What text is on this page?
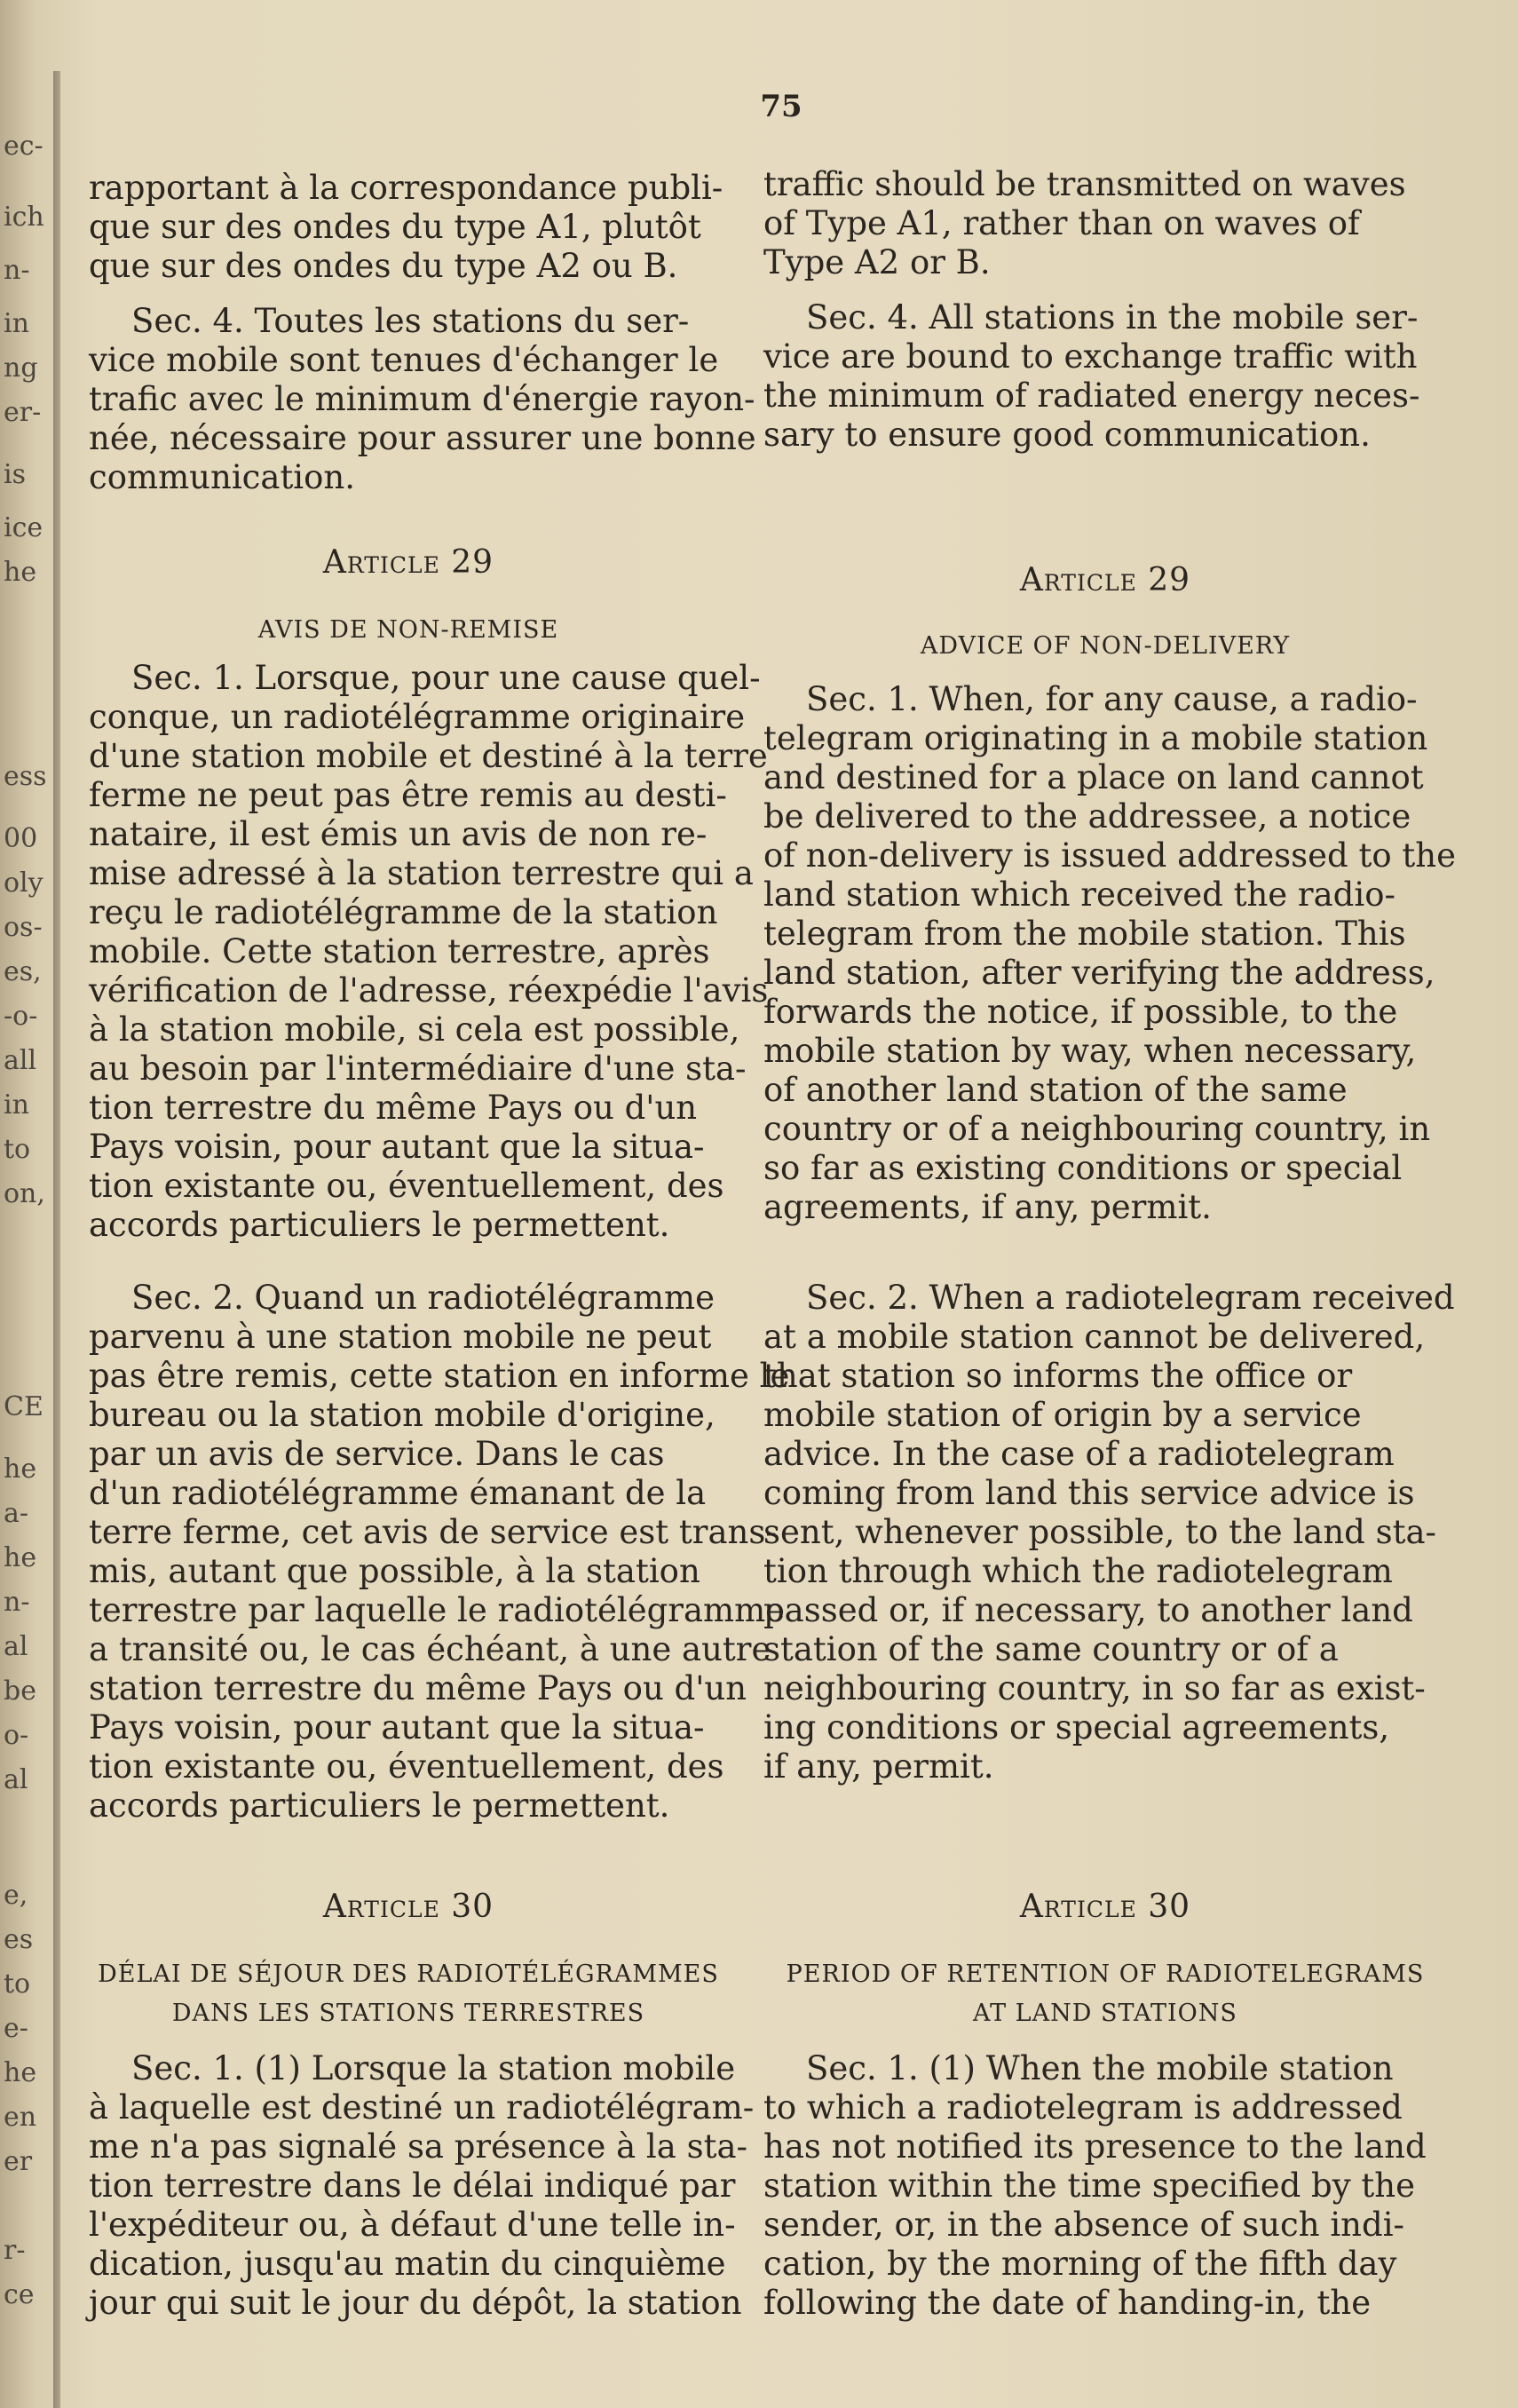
ec-
ich
n-
in
ng
er-
is
ice
he
ess
00
oly
os-
es,
-o-
all
in
to
on,
CE
he
a-
he
n-
al
be
o-
al
e,
es
to
e-
he
en
er
r-
ce
75
rapportant à la correspondance publi-
que sur des ondes du type A1, plutôt
que sur des ondes du type A2 ou B.
Sec. 4. Toutes les stations du ser-
vice mobile sont tenues d'échanger le
trafic avec le minimum d'énergie rayon-
née, nécessaire pour assurer une bonne
communication.
Article 29
AVIS DE NON-REMISE
Sec. 1. Lorsque, pour une cause quel-
conque, un radiotélégramme originaire
d'une station mobile et destiné à la terre
ferme ne peut pas être remis au desti-
nataire, il est émis un avis de non re-
mise adressé à la station terrestre qui a
reçu le radiotélégramme de la station
mobile. Cette station terrestre, après
vérification de l'adresse, réexpédie l'avis
à la station mobile, si cela est possible,
au besoin par l'intermédiaire d'une sta-
tion terrestre du même Pays ou d'un
Pays voisin, pour autant que la situa-
tion existante ou, éventuellement, des
accords particuliers le permettent.
Sec. 2. Quand un radiotélégramme
parvenu à une station mobile ne peut
pas être remis, cette station en informe le
bureau ou la station mobile d'origine,
par un avis de service. Dans le cas
d'un radiotélégramme émanant de la
terre ferme, cet avis de service est trans-
mis, autant que possible, à la station
terrestre par laquelle le radiotélégramme
a transité ou, le cas échéant, à une autre
station terrestre du même Pays ou d'un
Pays voisin, pour autant que la situa-
tion existante ou, éventuellement, des
accords particuliers le permettent.
Article 30
DÉLAI DE SÉJOUR DES RADIOTÉLÉGRAMMES
DANS LES STATIONS TERRESTRES
Sec. 1. (1) Lorsque la station mobile
à laquelle est destiné un radiotélégram-
me n'a pas signalé sa présence à la sta-
tion terrestre dans le délai indiqué par
l'expéditeur ou, à défaut d'une telle in-
dication, jusqu'au matin du cinquième
jour qui suit le jour du dépôt, la station
traffic should be transmitted on waves
of Type A1, rather than on waves of
Type A2 or B.
Sec. 4. All stations in the mobile ser-
vice are bound to exchange traffic with
the minimum of radiated energy neces-
sary to ensure good communication.
Article 29
ADVICE OF NON-DELIVERY
Sec. 1. When, for any cause, a radio-
telegram originating in a mobile station
and destined for a place on land cannot
be delivered to the addressee, a notice
of non-delivery is issued addressed to the
land station which received the radio-
telegram from the mobile station. This
land station, after verifying the address,
forwards the notice, if possible, to the
mobile station by way, when necessary,
of another land station of the same
country or of a neighbouring country, in
so far as existing conditions or special
agreements, if any, permit.
Sec. 2. When a radiotelegram received
at a mobile station cannot be delivered,
that station so informs the office or
mobile station of origin by a service
advice. In the case of a radiotelegram
coming from land this service advice is
sent, whenever possible, to the land sta-
tion through which the radiotelegram
passed or, if necessary, to another land
station of the same country or of a
neighbouring country, in so far as exist-
ing conditions or special agreements,
if any, permit.
Article 30
PERIOD OF RETENTION OF RADIOTELEGRAMS
AT LAND STATIONS
Sec. 1. (1) When the mobile station
to which a radiotelegram is addressed
has not notified its presence to the land
station within the time specified by the
sender, or, in the absence of such indi-
cation, by the morning of the fifth day
following the date of handing-in, the
